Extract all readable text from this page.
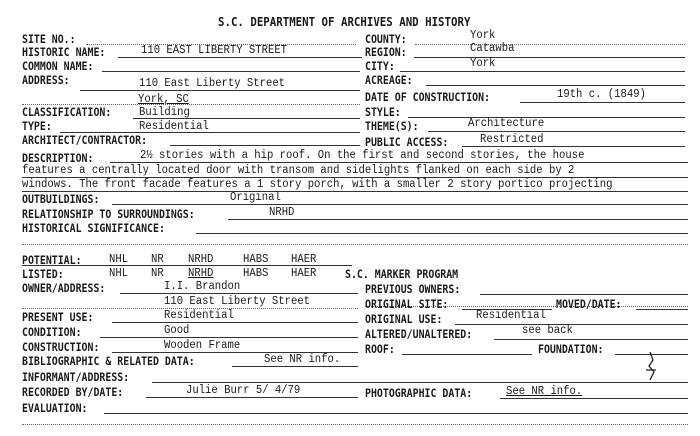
S.C. DEPARTMENT OF ARCHIVES AND HISTORY
SITE NO.:
HISTORIC NAME:	110 EAST LIBERTY STREET
COMMON NAME:
ADDRESS:	110 East Liberty Street
York, SC
CLASSIFICATION: Building
TYPE:	Residential
ARCHITECT/CONTRACTOR:
COUNTY:	York
REGION:	Catawba
CITY:	York
ACREAGE:
DATE OF CONSTRUCTION:	19th c. (1849)
STYLE:
THEME(S):	Architecture
PUBLIC ACCESS:	Restricted
DESCRIPTION:	2½ stories with a hip roof. On the first and second stories, the house
features a centrally located door with transom and sidelights flanked on each side by 2
windows. The front facade features a 1 story porch, with a smaller 2 story portico projecting
OUTBUILDINGS:	Original
RELATIONSHIP TO SURROUNDINGS:	NRHD
HISTORICAL SIGNIFICANCE:
POTENTIAL: NHL NR NRHD	HABS HAER
LISTED:	NHL NR NRHD	HABS HAER S.C. MARKER PROGRAM
OWNER/ADDRESS:	I.I. Brandon
110 East Liberty Street
PRESENT USE:	Residential
CONDITION:	Good
CONSTRUCTION:	Wooden Frame
BIBLIOGRAPHIC & RELATED DATA:	See NR info.
INFORMANT/ADDRESS:
RECORDED BY/DATE:	Julie Burr 5/ 4/79
EVALUATION:
PREVIOUS OWNERS:
ORIGINAL SITE:	MOVED/DATE:
ORIGINAL USE:	Residential
ALTERED/UNALTERED:	see back
ROOF:	FOUNDATION:
PHOTOGRAPHIC DATA:	See NR info.
